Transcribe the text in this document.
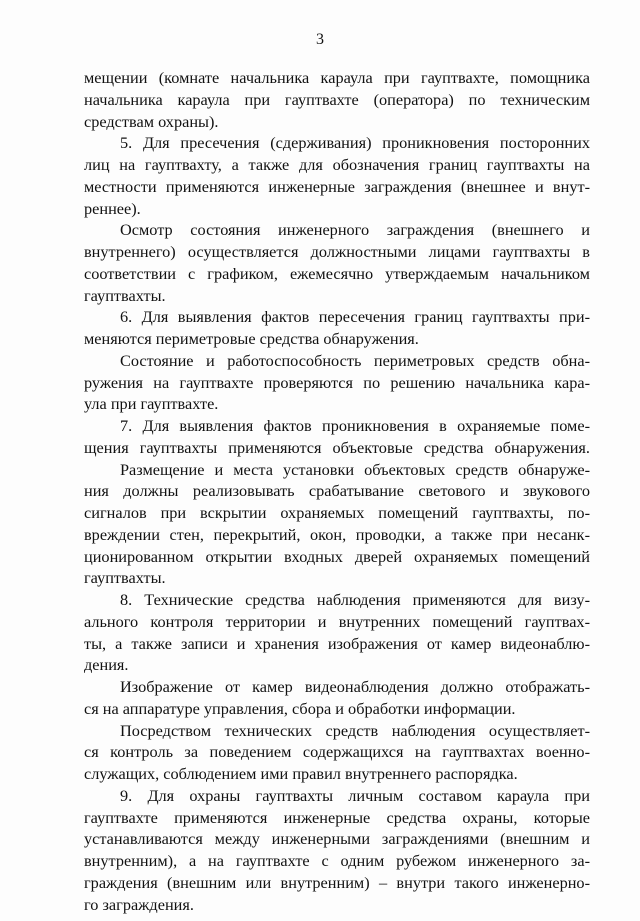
3
мещении (комнате начальника караула при гауптвахте, помощника
начальника караула при гауптвахте (оператора) по техническим
средствам охраны).
5. Для пресечения (сдерживания) проникновения посторонних
лиц на гауптвахту, а также для обозначения границ гауптвахты на
местности применяются инженерные заграждения (внешнее и внут-
реннее).
Осмотр состояния инженерного заграждения (внешнего и
внутреннего) осуществляется должностными лицами гауптвахты в
соответствии с графиком, ежемесячно утверждаемым начальником
гауптвахты.
6. Для выявления фактов пересечения границ гауптвахты при-
меняются периметровые средства обнаружения.
Состояние и работоспособность периметровых средств обна-
ружения на гауптвахте проверяются по решению начальника кара-
ула при гауптвахте.
7. Для выявления фактов проникновения в охраняемые поме-
щения гауптвахты применяются объектовые средства обнаружения.
Размещение и места установки объектовых средств обнаруже-
ния должны реализовывать срабатывание светового и звукового
сигналов при вскрытии охраняемых помещений гауптвахты, по-
вреждении стен, перекрытий, окон, проводки, а также при несанк-
ционированном открытии входных дверей охраняемых помещений
гауптвахты.
8. Технические средства наблюдения применяются для визу-
ального контроля территории и внутренних помещений гауптвах-
ты, а также записи и хранения изображения от камер видеонаблю-
дения.
Изображение от камер видеонаблюдения должно отображать-
ся на аппаратуре управления, сбора и обработки информации.
Посредством технических средств наблюдения осуществляет-
ся контроль за поведением содержащихся на гауптвахтах военно-
служащих, соблюдением ими правил внутреннего распорядка.
9. Для охраны гауптвахты личным составом караула при
гауптвахте применяются инженерные средства охраны, которые
устанавливаются между инженерными заграждениями (внешним и
внутренним), а на гауптвахте с одним рубежом инженерного за-
граждения (внешним или внутренним) – внутри такого инженерно-
го заграждения.
